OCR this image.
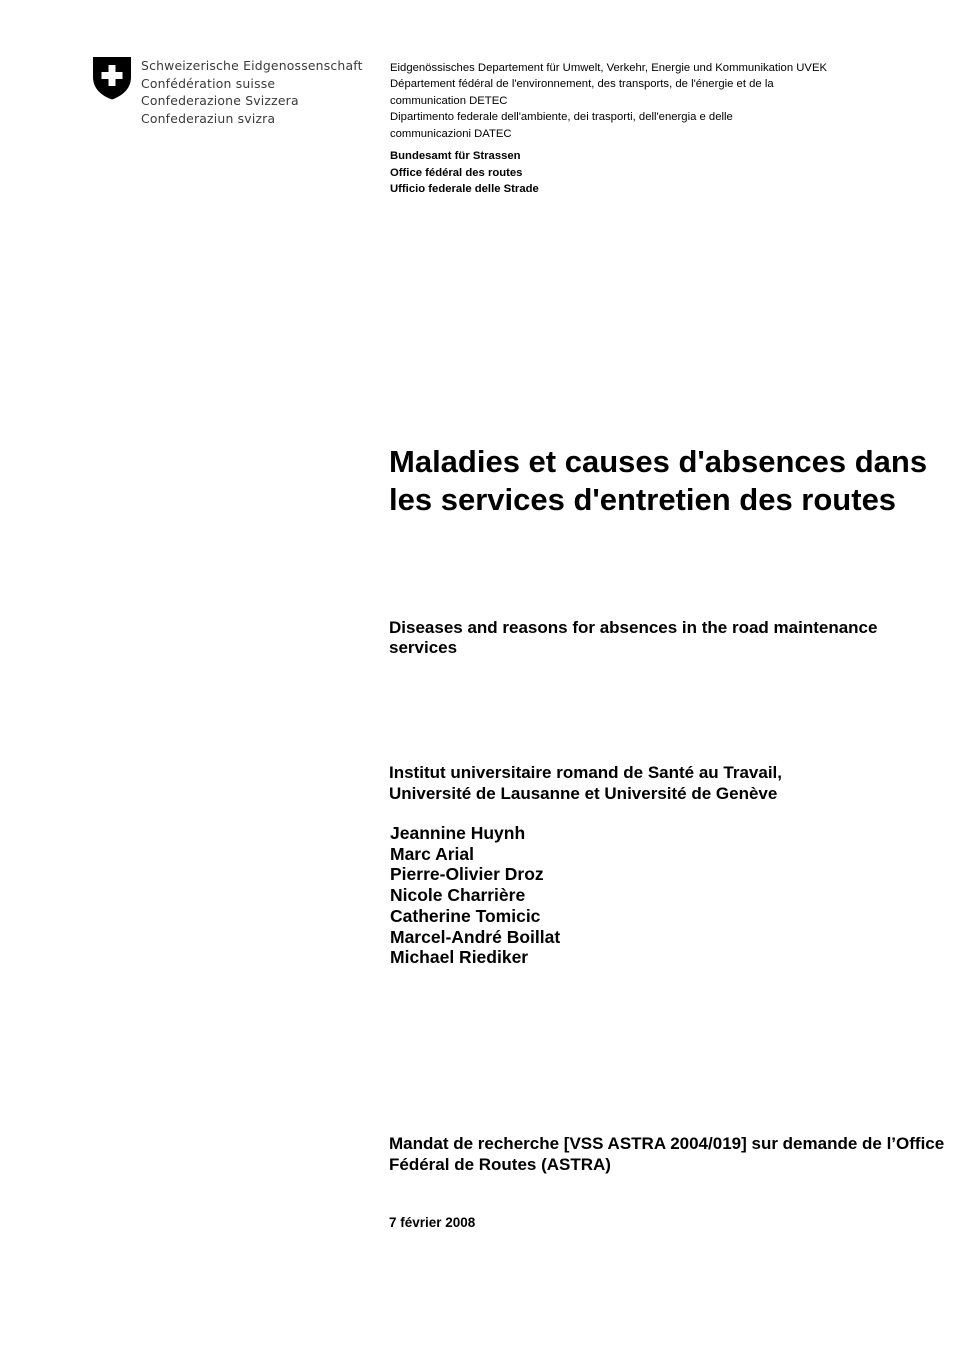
Schweizerische Eidgenossenschaft
Confédération suisse
Confederazione Svizzera
Confederaziun svizra
Eidgenössisches Departement für Umwelt, Verkehr, Energie und Kommunikation UVEK
Département fédéral de l'environnement, des transports, de l'énergie et de la
communication DETEC
Dipartimento federale dell'ambiente, dei trasporti, dell'energia e delle
communicazioni DATEC
Bundesamt für Strassen
Office fédéral des routes
Ufficio federale delle Strade
Maladies et causes d'absences dans les services d'entretien des routes
Diseases and reasons for absences in the road maintenance services
Institut universitaire romand de Santé au Travail,
Université de Lausanne et Université de Genève
Jeannine Huynh
Marc Arial
Pierre-Olivier Droz
Nicole Charrière
Catherine Tomicic
Marcel-André Boillat
Michael Riediker
Mandat de recherche [VSS ASTRA 2004/019] sur demande de l’Office Fédéral de Routes (ASTRA)
7 février 2008
